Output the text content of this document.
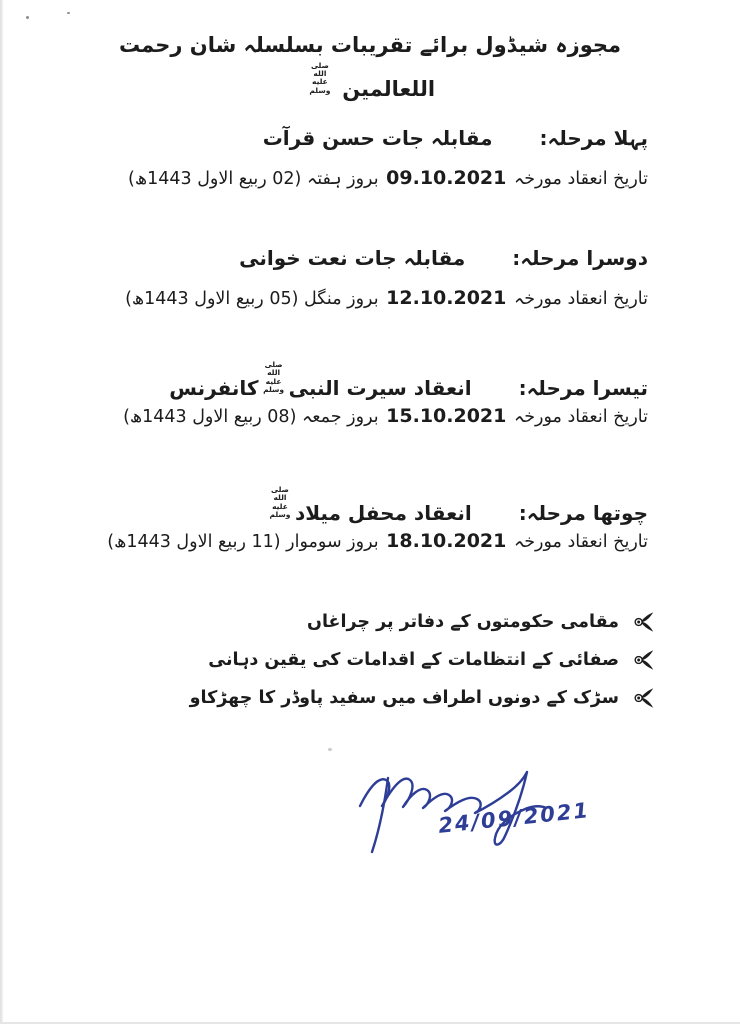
مجوزہ شیڈول برائے تقریبات بسلسلہ شان رحمت اللعالمین صلى الله عليه وسلم
پہلا مرحلہ: مقابلہ جات حسن قرآت
تاریخ انعقاد مورخہ 09.10.2021 بروز ہفتہ (02 ربیع الاول 1443ھ)
دوسرا مرحلہ: مقابلہ جات نعت خوانی
تاریخ انعقاد مورخہ 12.10.2021 بروز منگل (05 ربیع الاول 1443ھ)
تیسرا مرحلہ: انعقاد سیرت النبیصلى الله عليه وسلمکانفرنس
تاریخ انعقاد مورخہ 15.10.2021 بروز جمعہ (08 ربیع الاول 1443ھ)
چوتھا مرحلہ: انعقاد محفل میلادصلى الله عليه وسلم
تاریخ انعقاد مورخہ 18.10.2021 بروز سوموار (11 ربیع الاول 1443ھ)
مقامی حکومتوں کے دفاتر پر چراغاں
صفائی کے انتظامات کے اقدامات کی یقین دہانی
سڑک کے دونوں اطراف میں سفید پاوڈر کا چھڑکاو
24/09/2021
